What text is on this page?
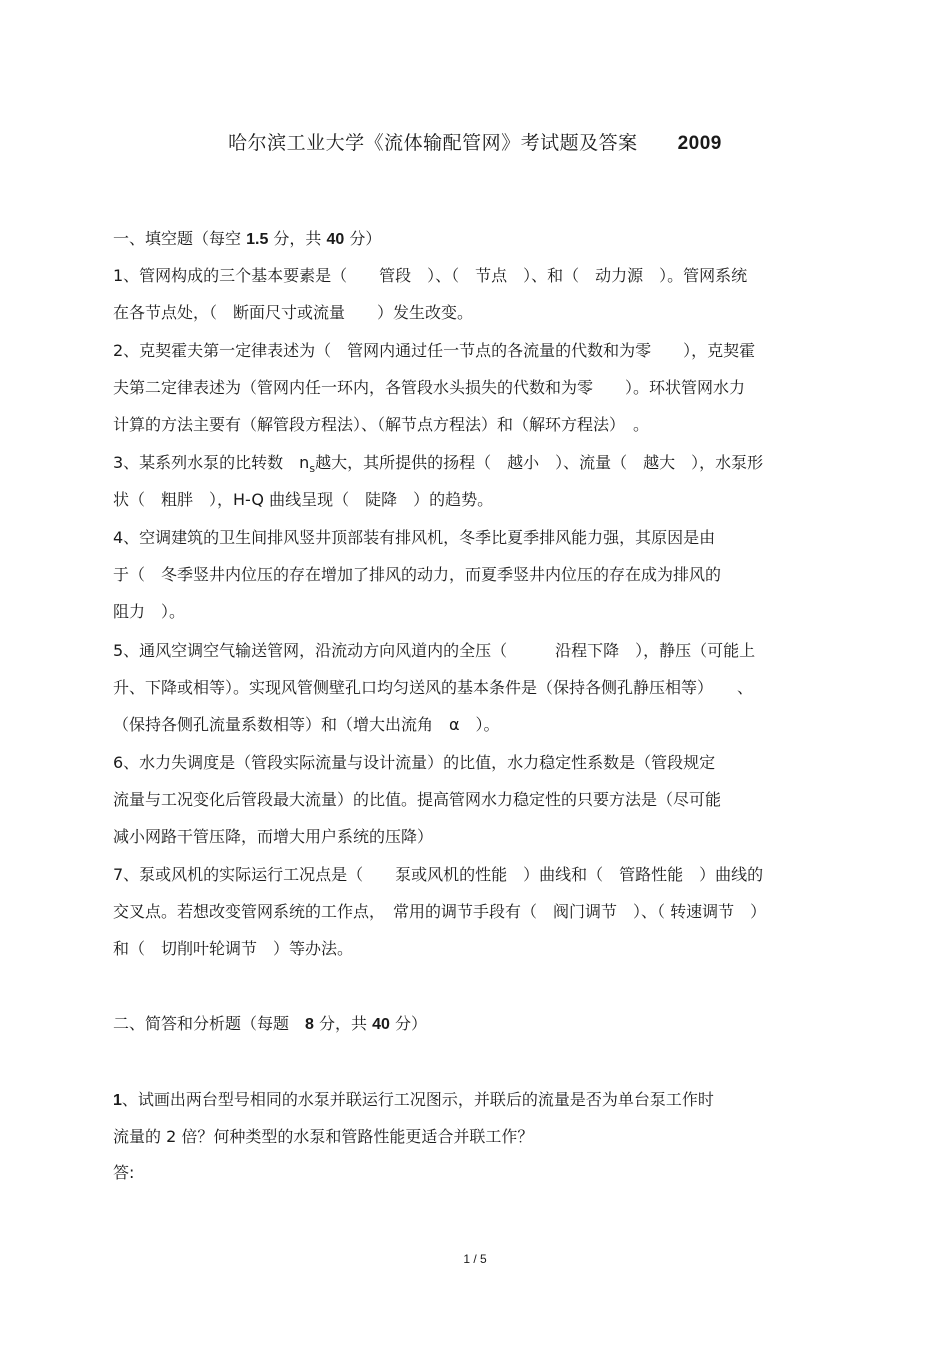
哈尔滨工业大学《流体输配管网》考试题及答案 2009
一、填空题（每空 1.5 分，共 40 分）
1、管网构成的三个基本要素是（　　管段　）、（　节点　）、和（　动力源　）。管网系统
在各节点处，（　断面尺寸或流量　　）发生改变。
2、克契霍夫第一定律表述为（　管网内通过任一节点的各流量的代数和为零　　），克契霍
夫第二定律表述为（管网内任一环内，各管段水头损失的代数和为零　　）。环状管网水力
计算的方法主要有（解管段方程法）、（解节点方程法）和（解环方程法）　。
3、某系列水泵的比转数　$n_s$越大，其所提供的扬程（　越小　）、流量（　越大　），水泵形
状（　粗胖　），H-Q 曲线呈现（　陡降　）的趋势。
4、空调建筑的卫生间排风竖井顶部装有排风机，冬季比夏季排风能力强，其原因是由
于（　冬季竖井内位压的存在增加了排风的动力，而夏季竖井内位压的存在成为排风的
阻力　）。
5、通风空调空气输送管网，沿流动方向风道内的全压（　　　沿程下降　），静压（可能上
升、下降或相等）。实现风管侧壁孔口均匀送风的基本条件是（保持各侧孔静压相等）　　、
（保持各侧孔流量系数相等）和（增大出流角　α　）。
6、水力失调度是（管段实际流量与设计流量）的比值，水力稳定性系数是（管段规定
流量与工况变化后管段最大流量）的比值。提高管网水力稳定性的只要方法是（尽可能
减小网路干管压降，而增大用户系统的压降）
7、泵或风机的实际运行工况点是（　　泵或风机的性能　）曲线和（　管路性能　）曲线的
交叉点。若想改变管网系统的工作点，　常用的调节手段有（　阀门调节　）、（ 转速调节　）
和（　切削叶轮调节　）等办法。
二、简答和分析题（每题　8 分，共 40 分）
1、试画出两台型号相同的水泵并联运行工况图示，并联后的流量是否为单台泵工作时
流量的 2 倍？何种类型的水泵和管路性能更适合并联工作？
答:
1 / 5
